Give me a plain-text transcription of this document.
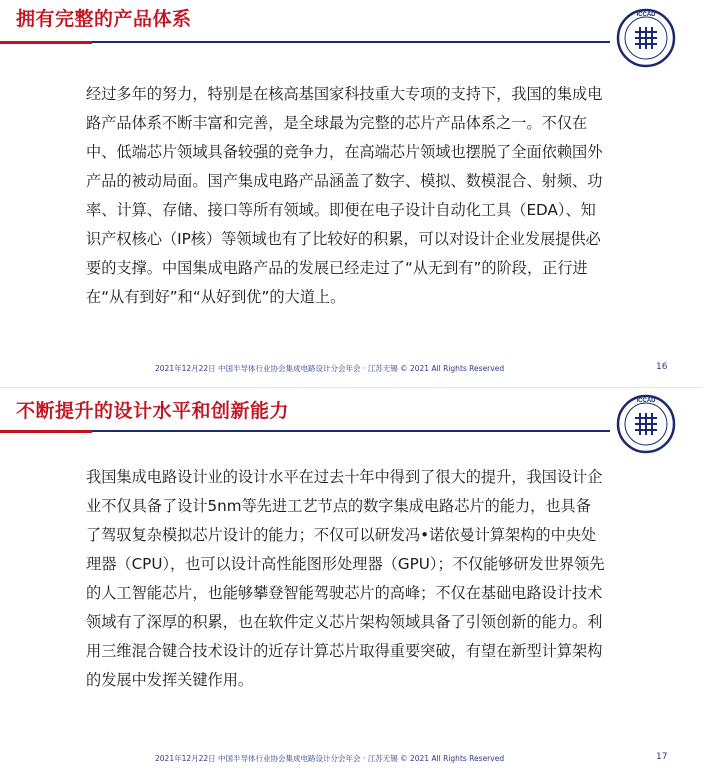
拥有完整的产品体系	ICCAD

经过多年的努力，特别是在核高基国家科技重大专项的支持下，我国的集成电路产品体系不断丰富和完善，是全球最为完整的芯片产品体系之一。不仅在中、低端芯片领域具备较强的竞争力，在高端芯片领域也摆脱了全面依赖国外产品的被动局面。国产集成电路产品涵盖了数字、模拟、数模混合、射频、功率、计算、存储、接口等所有领域。即便在电子设计自动化工具（EDA）、知识产权核心（IP核）等领域也有了比较好的积累，可以对设计企业发展提供必要的支撑。中国集成电路产品的发展已经走过了“从无到有”的阶段，正行进在“从有到好”和“从好到优”的大道上。

2021年12月22日 中国半导体行业协会集成电路设计分会年会 · 江苏无锡 © 2021 All Rights Reserved	16
不断提升的设计水平和创新能力	ICCAD

我国集成电路设计业的设计水平在过去十年中得到了很大的提升，我国设计企业不仅具备了设计5nm等先进工艺节点的数字集成电路芯片的能力，也具备了驾驭复杂模拟芯片设计的能力；不仅可以研发冯•诺依曼计算架构的中央处理器（CPU），也可以设计高性能图形处理器（GPU）；不仅能够研发世界领先的人工智能芯片，也能够攀登智能驾驶芯片的高峰；不仅在基础电路设计技术领域有了深厚的积累，也在软件定义芯片架构领域具备了引领创新的能力。利用三维混合键合技术设计的近存计算芯片取得重要突破，有望在新型计算架构的发展中发挥关键作用。

2021年12月22日 中国半导体行业协会集成电路设计分会年会 · 江苏无锡 © 2021 All Rights Reserved	17
